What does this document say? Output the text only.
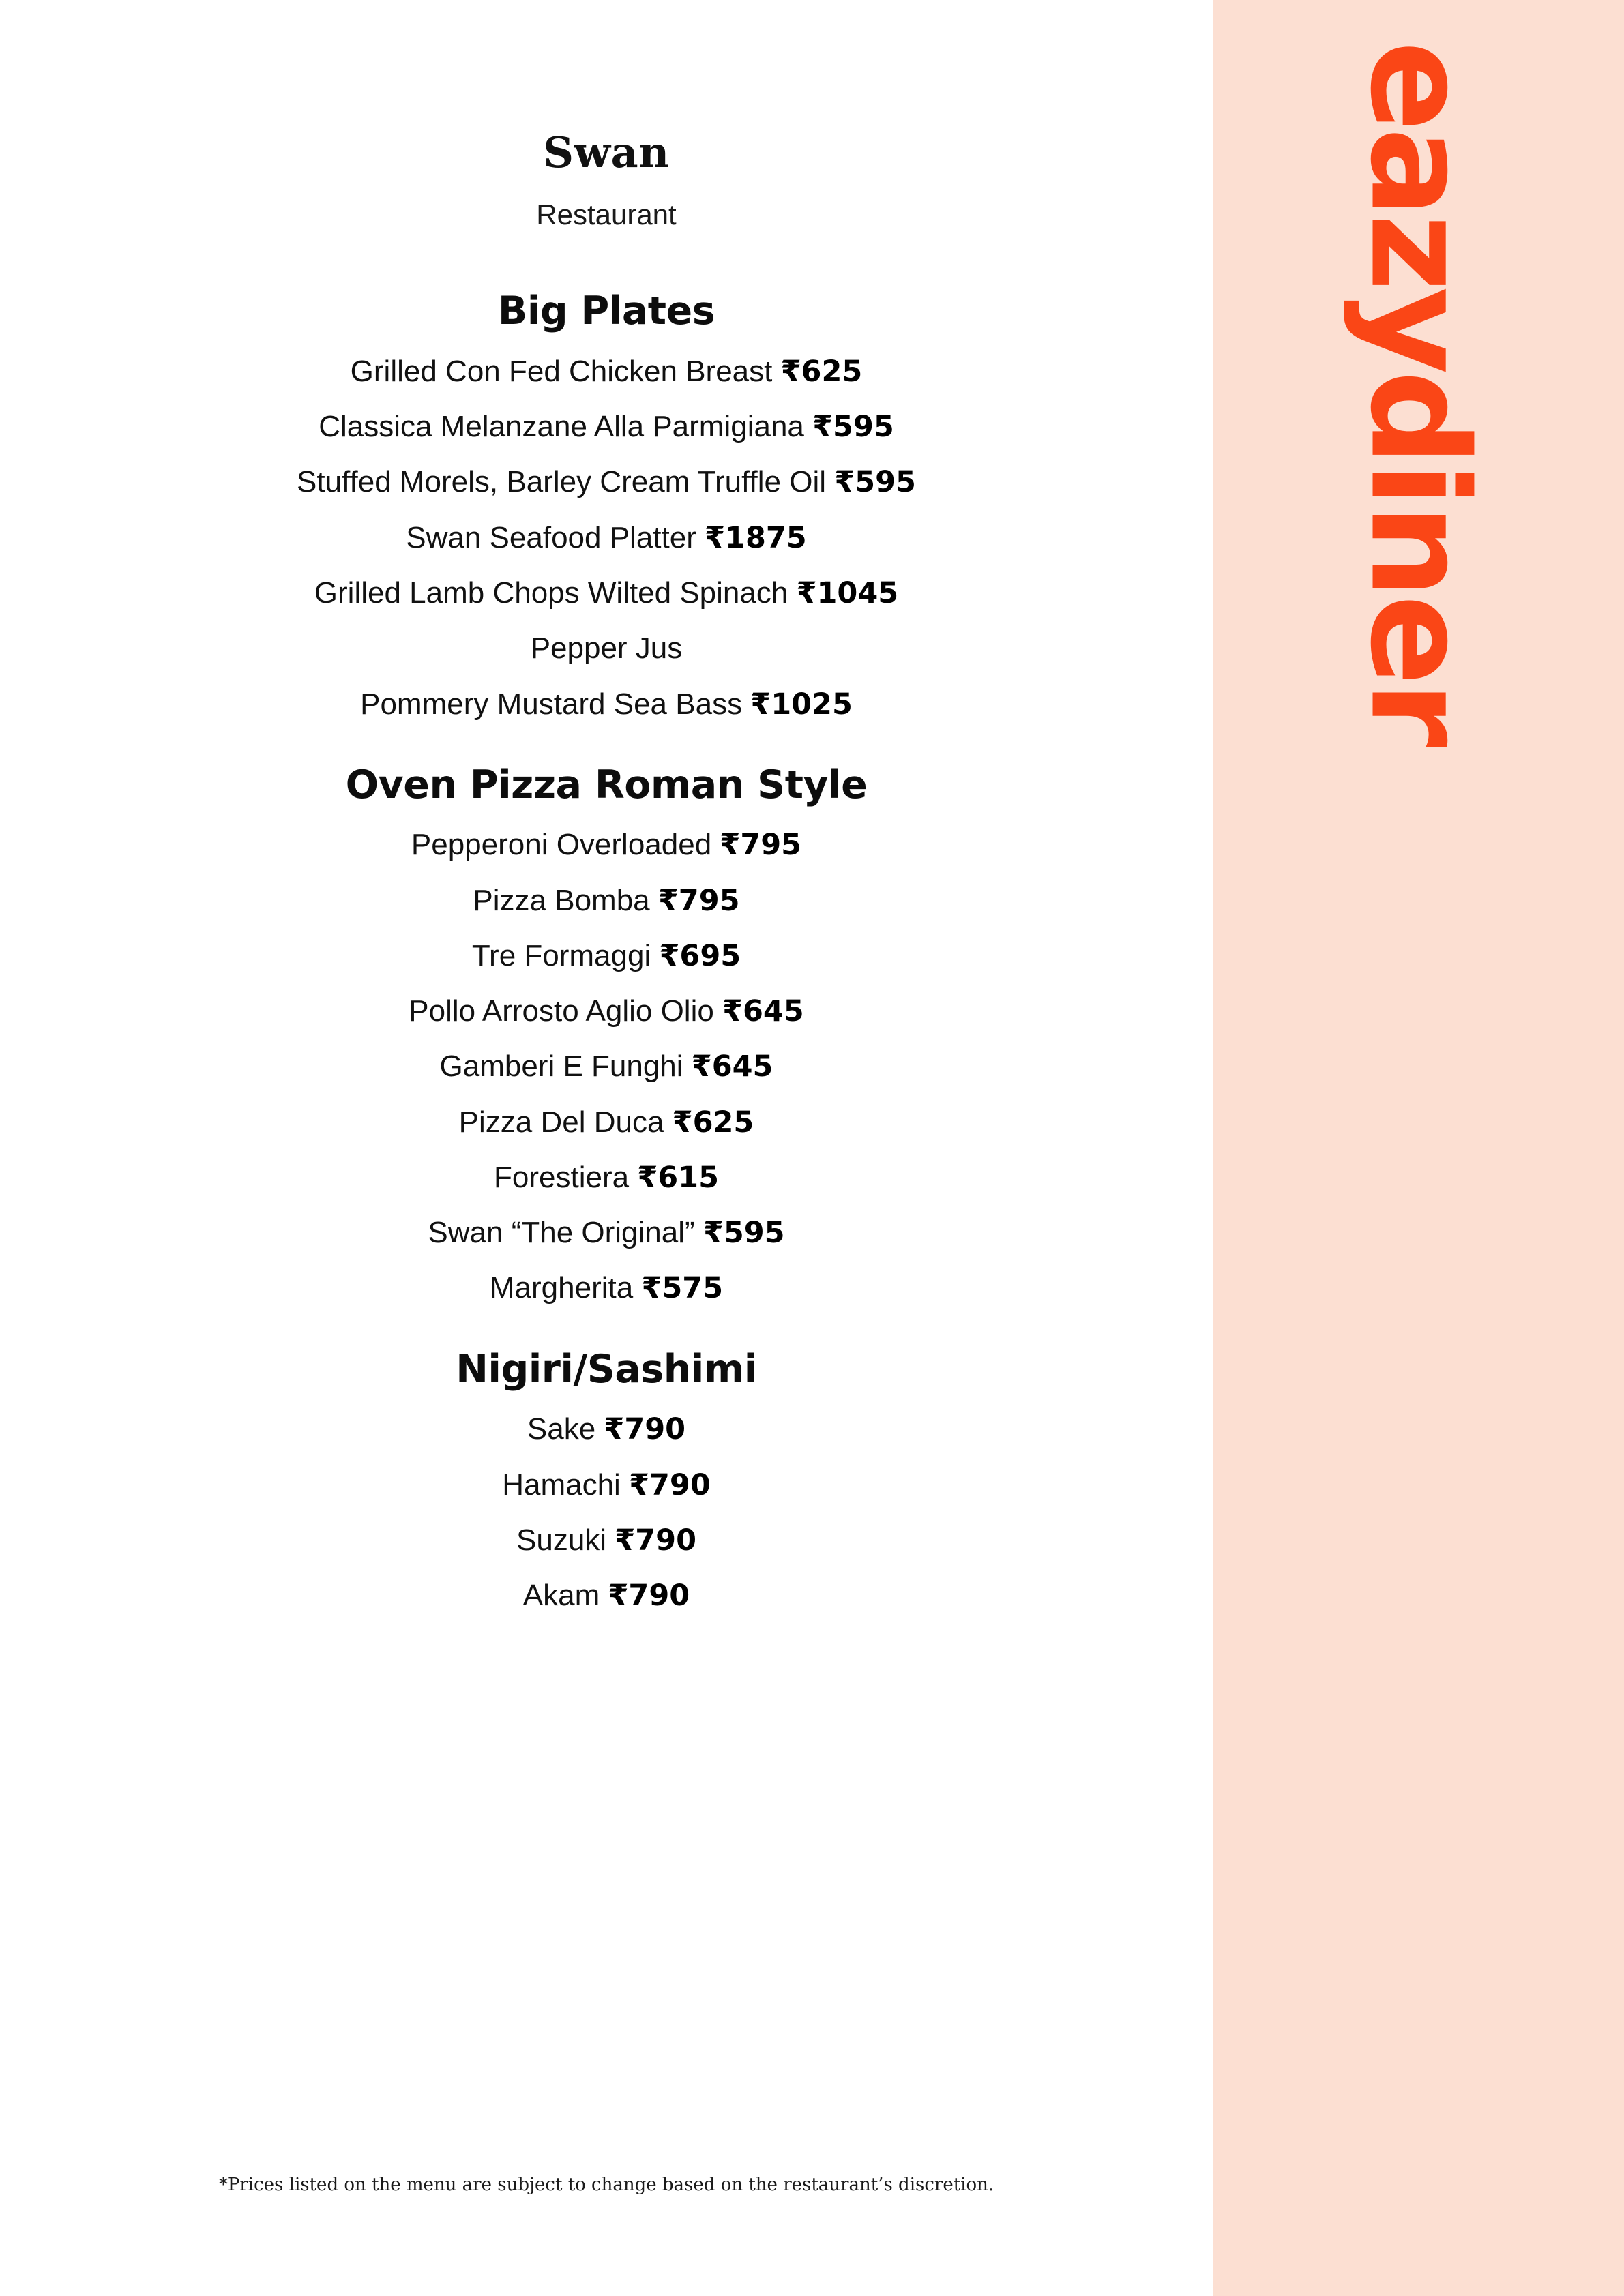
Swan
Restaurant
Big Plates
Grilled Con Fed Chicken Breast ₹625
Classica Melanzane Alla Parmigiana ₹595
Stuffed Morels, Barley Cream Truffle Oil ₹595
Swan Seafood Platter ₹1875
Grilled Lamb Chops Wilted Spinach ₹1045
Pepper Jus
Pommery Mustard Sea Bass ₹1025
Oven Pizza Roman Style
Pepperoni Overloaded ₹795
Pizza Bomba ₹795
Tre Formaggi ₹695
Pollo Arrosto Aglio Olio ₹645
Gamberi E Funghi ₹645
Pizza Del Duca ₹625
Forestiera ₹615
Swan “The Original” ₹595
Margherita ₹575
Nigiri/Sashimi
Sake ₹790
Hamachi ₹790
Suzuki ₹790
Akam ₹790
*Prices listed on the menu are subject to change based on the restaurant’s discretion.
eazydiner
